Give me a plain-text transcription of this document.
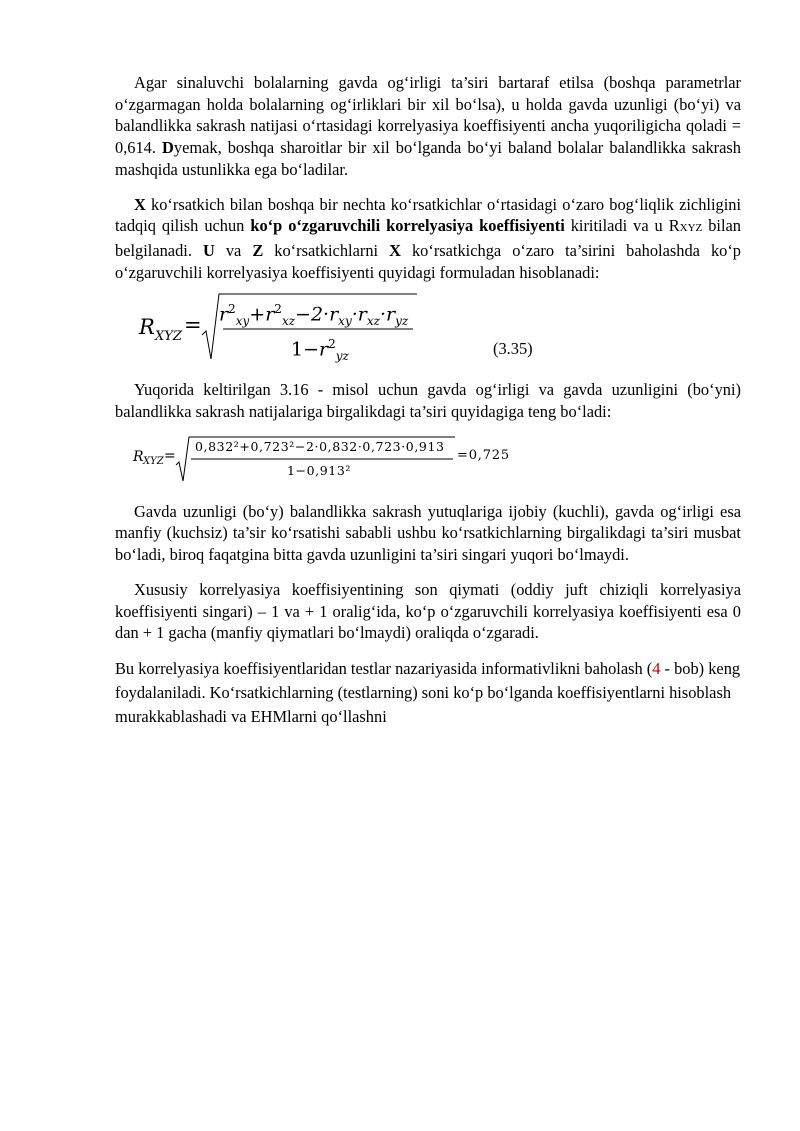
Agar sinaluvchi bolalarning gavda og‘irligi ta’siri bartaraf etilsa (boshqa parametrlar o‘zgarmagan holda bolalarning og‘irliklari bir xil bo‘lsa), u holda gavda uzunligi (bo‘yi) va balandlikka sakrash natijasi o‘rtasidagi korrelyasiya koeffisiyenti ancha yuqoriligicha qoladi = 0,614. Dyemak, boshqa sharoitlar bir xil bo‘lganda bo‘yi baland bolalar balandlikka sakrash mashqida ustunlikka ega bo‘ladilar.

X ko‘rsatkich bilan boshqa bir nechta ko‘rsatkichlar o‘rtasidagi o‘zaro bog‘liqlik zichligini tadqiq qilish uchun ko‘p o‘zgaruvchili korrelyasiya koeffisiyenti kiritiladi va u RXYZ bilan belgilanadi. U va Z ko‘rsatkichlarni X ko‘rsatkichga o‘zaro ta’sirini baholashda ko‘p o‘zgaruvchili korrelyasiya koeffisiyenti quyidagi formuladan hisoblanadi:

R XYZ = $r^2_{xy}+r^2_{xz}-2\cdot r_{xy}\cdot r_{xz}\cdot r_{yz}$
$1-r^2_{yz}$	(3.35)

Yuqorida keltirilgan 3.16 - misol uchun gavda og‘irligi va gavda uzunligini (bo‘yni) balandlikka sakrash natijalariga birgalikdagi ta’siri quyidagiga teng bo‘ladi:

R XYZ =
0,832²+0,723²−2·0,832·0,723·0,913
1−0,913²
=0,725

Gavda uzunligi (bo‘y) balandlikka sakrash yutuqlariga ijobiy (kuchli), gavda og‘irligi esa manfiy (kuchsiz) ta’sir ko‘rsatishi sababli ushbu ko‘rsatkichlarning birgalikdagi ta’siri musbat bo‘ladi, biroq faqatgina bitta gavda uzunligini ta’siri singari yuqori bo‘lmaydi.

Xususiy korrelyasiya koeffisiyentining son qiymati (oddiy juft chiziqli korrelyasiya koeffisiyenti singari) – 1 va + 1 oralig‘ida, ko‘p o‘zgaruvchili korrelyasiya koeffisiyenti esa 0 dan + 1 gacha (manfiy qiymatlari bo‘lmaydi) oraliqda o‘zgaradi.

Bu korrelyasiya koeffisiyentlaridan testlar nazariyasida informativlikni baholash (4 - bob) keng foydalaniladi. Ko‘rsatkichlarning (testlarning) soni ko‘p bo‘lganda koeffisiyentlarni hisoblash murakkablashadi va EHMlarni qo‘llashni
